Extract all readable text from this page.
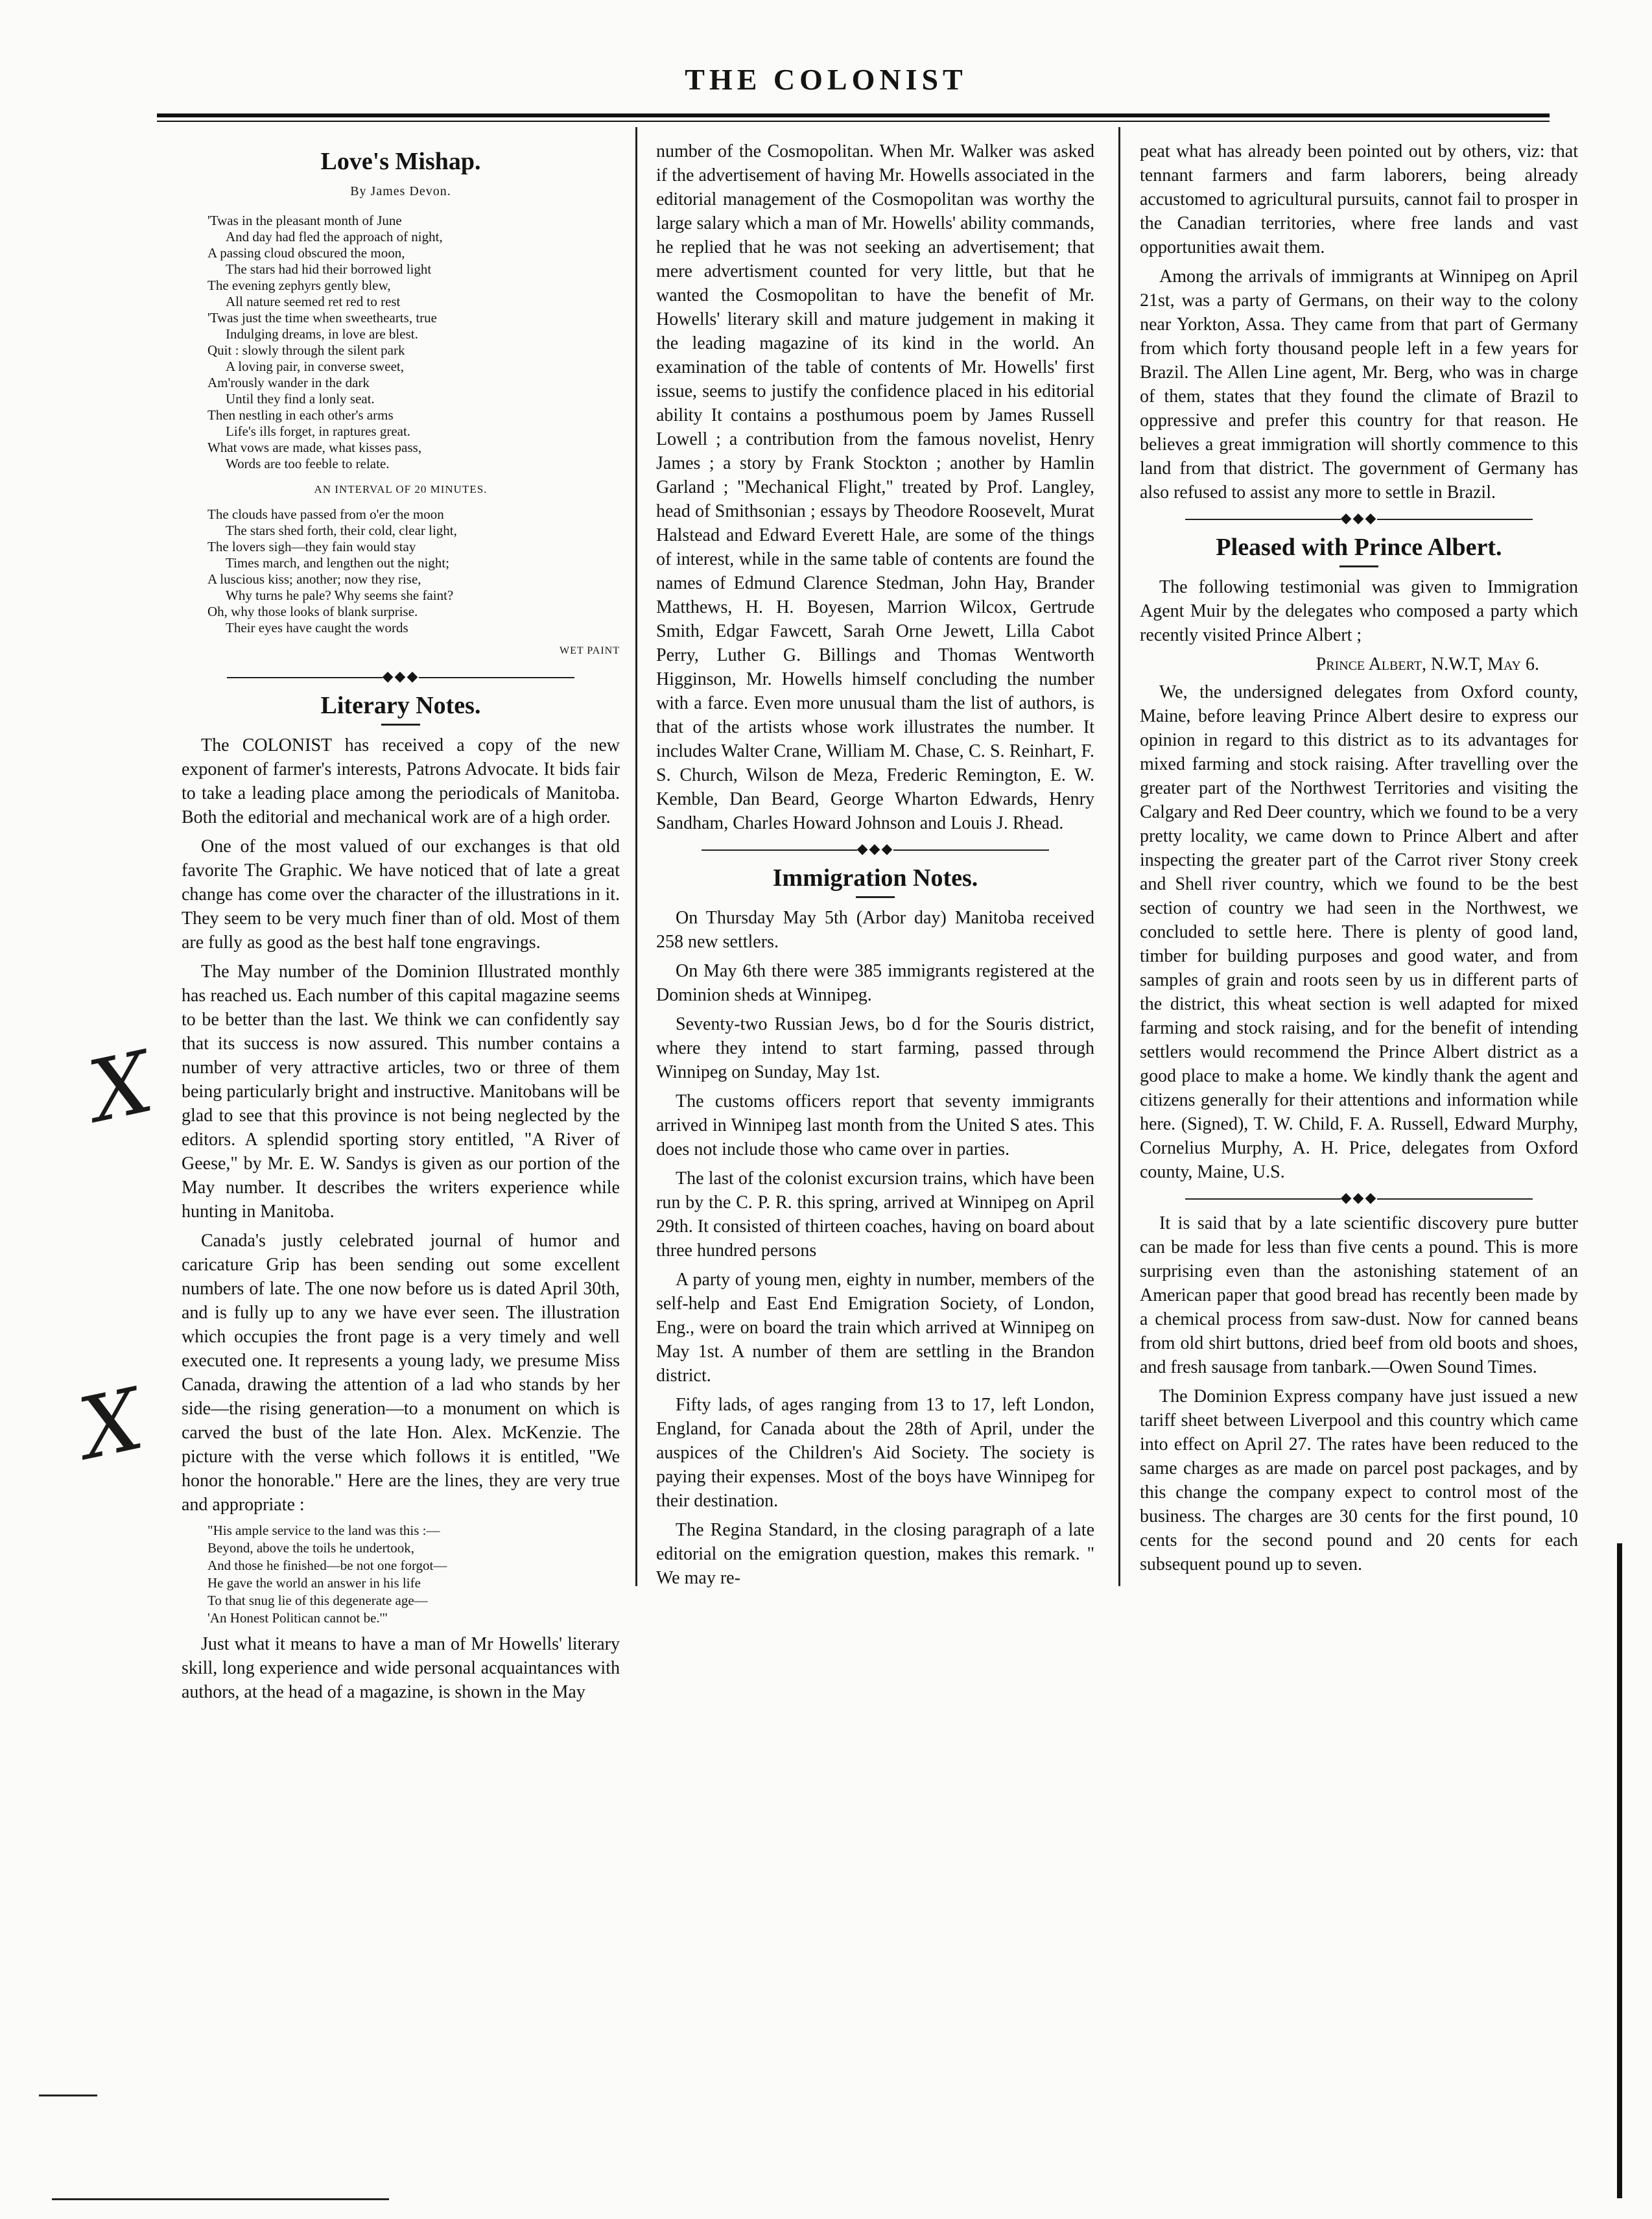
THE COLONIST
Love's Mishap.
By James Devon.
'Twas in the pleasant month of June
And day had fled the approach of night,
A passing cloud obscured the moon,
The stars had hid their borrowed light
The evening zephyrs gently blew,
All nature seemed ret red to rest
'Twas just the time when sweethearts, true
Indulging dreams, in love are blest.
Quit : slowly through the silent park
A loving pair, in converse sweet,
Am'rously wander in the dark
Until they find a lonly seat.
Then nestling in each other's arms
Life's ills forget, in raptures great.
What vows are made, what kisses pass,
Words are too feeble to relate.
AN INTERVAL OF 20 MINUTES.
The clouds have passed from o'er the moon
The stars shed forth, their cold, clear light,
The lovers sigh—they fain would stay
Times march, and lengthen out the night;
A luscious kiss; another; now they rise,
Why turns he pale? Why seems she faint?
Oh, why those looks of blank surprise.
Their eyes have caught the words
WET PAINT
◆◆◆
Literary Notes.

The COLONIST has received a copy of the new exponent of farmer's interests, Patrons Advocate. It bids fair to take a leading place among the periodicals of Manitoba. Both the editorial and mechanical work are of a high order.

One of the most valued of our exchanges is that old favorite The Graphic. We have noticed that of late a great change has come over the character of the illustrations in it. They seem to be very much finer than of old. Most of them are fully as good as the best half tone engravings.

The May number of the Dominion Illustrated monthly has reached us. Each number of this capital magazine seems to be better than the last. We think we can confidently say that its success is now assured. This number contains a number of very attractive articles, two or three of them being particularly bright and instructive. Manitobans will be glad to see that this province is not being neglected by the editors. A splendid sporting story entitled, "A River of Geese," by Mr. E. W. Sandys is given as our portion of the May number. It describes the writers experience while hunting in Manitoba.

Canada's justly celebrated journal of humor and caricature Grip has been sending out some excellent numbers of late. The one now before us is dated April 30th, and is fully up to any we have ever seen. The illustration which occupies the front page is a very timely and well executed one. It represents a young lady, we presume Miss Canada, drawing the attention of a lad who stands by her side—the rising generation—to a monument on which is carved the bust of the late Hon. Alex. McKenzie. The picture with the verse which follows it is entitled, "We honor the honorable." Here are the lines, they are very true and appropriate :

"His ample service to the land was this :—
Beyond, above the toils he undertook,
And those he finished—be not one forgot—
He gave the world an answer in his life
To that snug lie of this degenerate age—
'An Honest Politican cannot be.'"

Just what it means to have a man of Mr Howells' literary skill, long experience and wide personal acquaintances with authors, at the head of a magazine, is shown in the May

number of the Cosmopolitan. When Mr. Walker was asked if the advertisement of having Mr. Howells associated in the editorial management of the Cosmopolitan was worthy the large salary which a man of Mr. Howells' ability commands, he replied that he was not seeking an advertisement; that mere advertisment counted for very little, but that he wanted the Cosmopolitan to have the benefit of Mr. Howells' literary skill and mature judgement in making it the leading magazine of its kind in the world. An examination of the table of contents of Mr. Howells' first issue, seems to justify the confidence placed in his editorial ability It contains a posthumous poem by James Russell Lowell ; a contribution from the famous novelist, Henry James ; a story by Frank Stockton ; another by Hamlin Garland ; "Mechanical Flight," treated by Prof. Langley, head of Smithsonian ; essays by Theodore Roosevelt, Murat Halstead and Edward Everett Hale, are some of the things of interest, while in the same table of contents are found the names of Edmund Clarence Stedman, John Hay, Brander Matthews, H. H. Boyesen, Marrion Wilcox, Gertrude Smith, Edgar Fawcett, Sarah Orne Jewett, Lilla Cabot Perry, Luther G. Billings and Thomas Wentworth Higginson, Mr. Howells himself concluding the number with a farce. Even more unusual tham the list of authors, is that of the artists whose work illustrates the number. It includes Walter Crane, William M. Chase, C. S. Reinhart, F. S. Church, Wilson de Meza, Frederic Remington, E. W. Kemble, Dan Beard, George Wharton Edwards, Henry Sandham, Charles Howard Johnson and Louis J. Rhead.

◆◆◆
Immigration Notes.

On Thursday May 5th (Arbor day) Manitoba received 258 new settlers.

On May 6th there were 385 immigrants registered at the Dominion sheds at Winnipeg.

Seventy-two Russian Jews, bo d for the Souris district, where they intend to start farming, passed through Winnipeg on Sunday, May 1st.

The customs officers report that seventy immigrants arrived in Winnipeg last month from the United S ates. This does not include those who came over in parties.

The last of the colonist excursion trains, which have been run by the C. P. R. this spring, arrived at Winnipeg on April 29th. It consisted of thirteen coaches, having on board about three hundred persons

A party of young men, eighty in number, members of the self-help and East End Emigration Society, of London, Eng., were on board the train which arrived at Winnipeg on May 1st. A number of them are settling in the Brandon district.

Fifty lads, of ages ranging from 13 to 17, left London, England, for Canada about the 28th of April, under the auspices of the Children's Aid Society. The society is paying their expenses. Most of the boys have Winnipeg for their destination.

The Regina Standard, in the closing paragraph of a late editorial on the emigration question, makes this remark. " We may re-

peat what has already been pointed out by others, viz: that tennant farmers and farm laborers, being already accustomed to agricultural pursuits, cannot fail to prosper in the Canadian territories, where free lands and vast opportunities await them.

Among the arrivals of immigrants at Winnipeg on April 21st, was a party of Germans, on their way to the colony near Yorkton, Assa. They came from that part of Germany from which forty thousand people left in a few years for Brazil. The Allen Line agent, Mr. Berg, who was in charge of them, states that they found the climate of Brazil to oppressive and prefer this country for that reason. He believes a great immigration will shortly commence to this land from that district. The government of Germany has also refused to assist any more to settle in Brazil.

◆◆◆
Pleased with Prince Albert.

The following testimonial was given to Immigration Agent Muir by the delegates who composed a party which recently visited Prince Albert ;

Prince Albert, N.W.T, May 6.

We, the undersigned delegates from Oxford county, Maine, before leaving Prince Albert desire to express our opinion in regard to this district as to its advantages for mixed farming and stock raising. After travelling over the greater part of the Northwest Territories and visiting the Calgary and Red Deer country, which we found to be a very pretty locality, we came down to Prince Albert and after inspecting the greater part of the Carrot river Stony creek and Shell river country, which we found to be the best section of country we had seen in the Northwest, we concluded to settle here. There is plenty of good land, timber for building purposes and good water, and from samples of grain and roots seen by us in different parts of the district, this wheat section is well adapted for mixed farming and stock raising, and for the benefit of intending settlers would recommend the Prince Albert district as a good place to make a home. We kindly thank the agent and citizens generally for their attentions and information while here. (Signed), T. W. Child, F. A. Russell, Edward Murphy, Cornelius Murphy, A. H. Price, delegates from Oxford county, Maine, U.S.

◆◆◆

It is said that by a late scientific discovery pure butter can be made for less than five cents a pound. This is more surprising even than the astonishing statement of an American paper that good bread has recently been made by a chemical process from saw-dust. Now for canned beans from old shirt buttons, dried beef from old boots and shoes, and fresh sausage from tanbark.—Owen Sound Times.

The Dominion Express company have just issued a new tariff sheet between Liverpool and this country which came into effect on April 27. The rates have been reduced to the same charges as are made on parcel post packages, and by this change the company expect to control most of the business. The charges are 30 cents for the first pound, 10 cents for the second pound and 20 cents for each subsequent pound up to seven.

X
X
